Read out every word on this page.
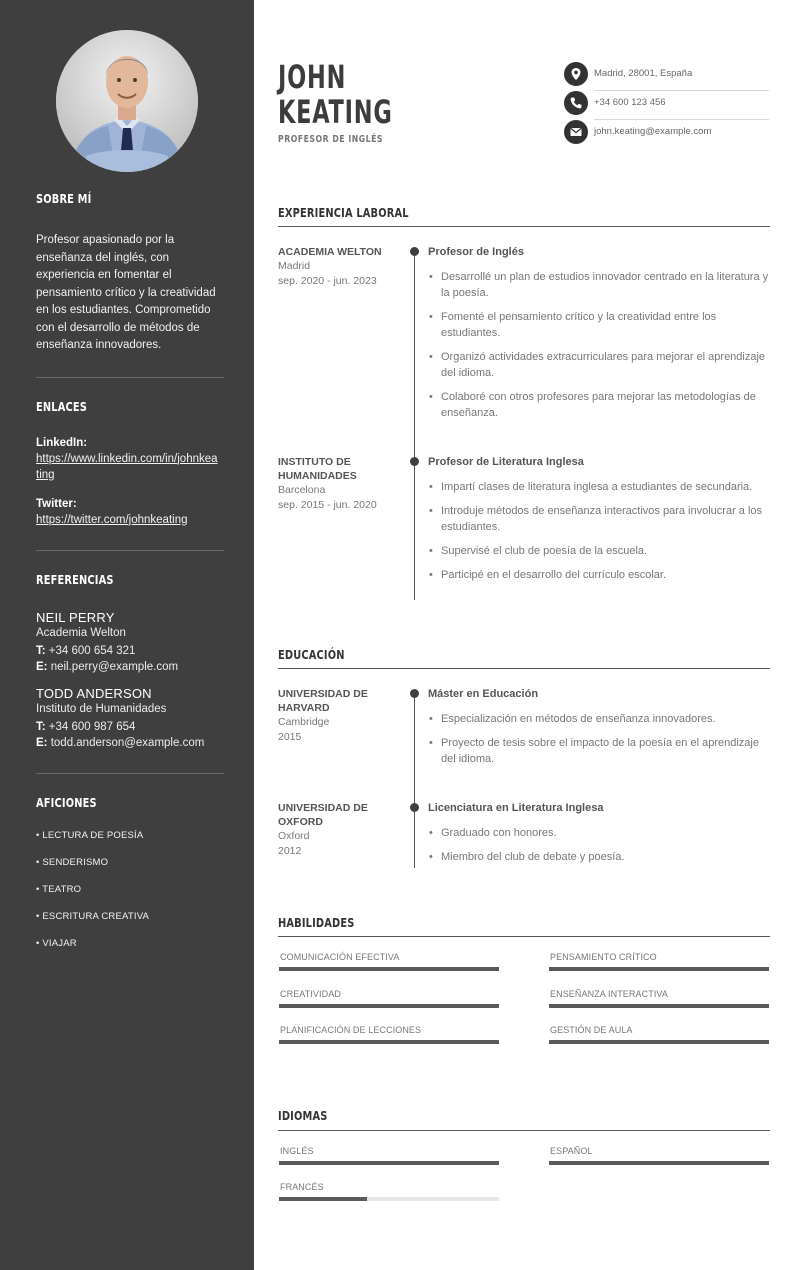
SOBRE MÍ
Profesor apasionado por la enseñanza del inglés, con experiencia en fomentar el pensamiento crítico y la creatividad en los estudiantes. Comprometido con el desarrollo de métodos de enseñanza innovadores.
ENLACES
LinkedIn:
https://www.linkedin.com/in/johnkeating
Twitter:
https://twitter.com/johnkeating
REFERENCIAS
NEIL PERRY
Academia Welton
T: +34 600 654 321
E: neil.perry@example.com
TODD ANDERSON
Instituto de Humanidades
T: +34 600 987 654
E: todd.anderson@example.com
AFICIONES

• LECTURA DE POESÍA

• SENDERISMO

• TEATRO

• ESCRITURA CREATIVA

• VIAJAR

JOHN
KEATING
PROFESOR DE INGLÉS
Madrid, 28001, España
+34 600 123 456
john.keating@example.com
EXPERIENCIA LABORAL
ACADEMIA WELTON
Madrid
sep. 2020 - jun. 2023
Profesor de Inglés
• Desarrollé un plan de estudios innovador centrado en la literatura y la poesía.
• Fomenté el pensamiento crítico y la creatividad entre los estudiantes.
• Organizó actividades extracurriculares para mejorar el aprendizaje del idioma.
• Colaboré con otros profesores para mejorar las metodologías de enseñanza.
INSTITUTO DE HUMANIDADES
Barcelona
sep. 2015 - jun. 2020
Profesor de Literatura Inglesa
• Impartí clases de literatura inglesa a estudiantes de secundaria.
• Introduje métodos de enseñanza interactivos para involucrar a los estudiantes.
• Supervisé el club de poesía de la escuela.
• Participé en el desarrollo del currículo escolar.
EDUCACIÓN
UNIVERSIDAD DE HARVARD
Cambridge
2015
Máster en Educación
• Especialización en métodos de enseñanza innovadores.
• Proyecto de tesis sobre el impacto de la poesía en el aprendizaje del idioma.
UNIVERSIDAD DE OXFORD
Oxford
2012
Licenciatura en Literatura Inglesa
• Graduado con honores.
• Miembro del club de debate y poesía.
HABILIDADES
COMUNICACIÓN EFECTIVA	PENSAMIENTO CRÍTICO
CREATIVIDAD	ENSEÑANZA INTERACTIVA
PLANIFICACIÓN DE LECCIONES	GESTIÓN DE AULA
IDIOMAS
INGLÉS	ESPAÑOL
FRANCÉS
